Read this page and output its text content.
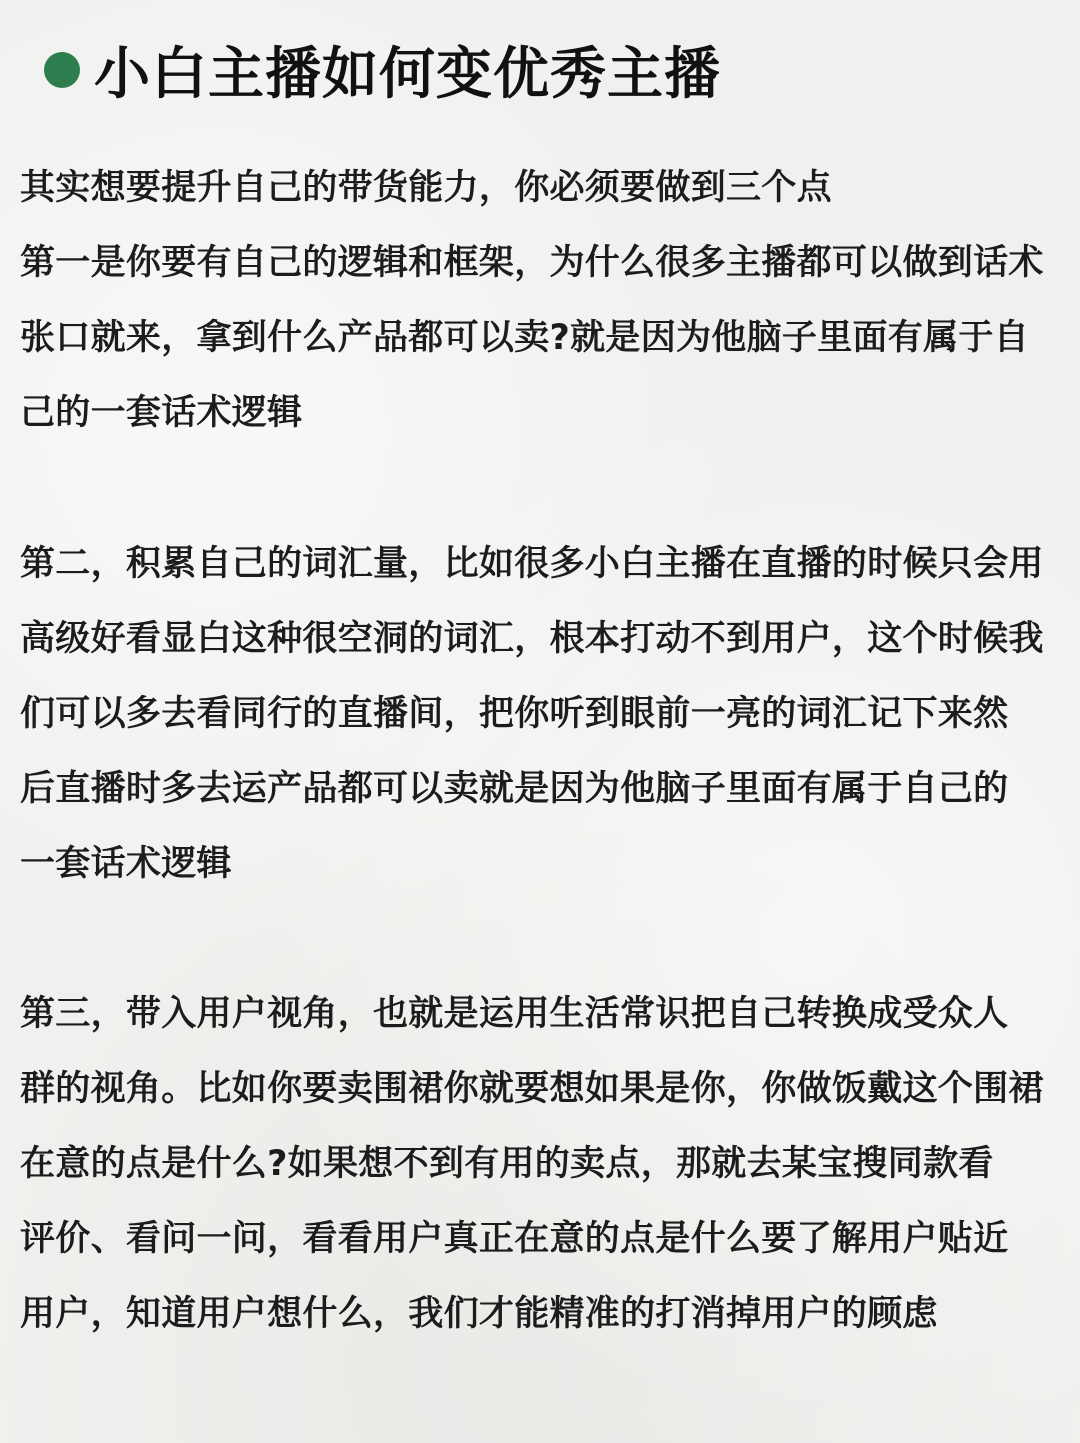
小白主播如何变优秀主播

其实想要提升自己的带货能力，你必须要做到三个点
第一是你要有自己的逻辑和框架，为什么很多主播都可以做到话术
张口就来，拿到什么产品都可以卖?就是因为他脑子里面有属于自
己的一套话术逻辑

第二，积累自己的词汇量，比如很多小白主播在直播的时候只会用
高级好看显白这种很空洞的词汇，根本打动不到用户，这个时候我
们可以多去看同行的直播间，把你听到眼前一亮的词汇记下来然
后直播时多去运产品都可以卖就是因为他脑子里面有属于自己的
一套话术逻辑

第三，带入用户视角，也就是运用生活常识把自己转换成受众人
群的视角。比如你要卖围裙你就要想如果是你，你做饭戴这个围裙
在意的点是什么?如果想不到有用的卖点，那就去某宝搜同款看
评价、看问一问，看看用户真正在意的点是什么要了解用户贴近
用户，知道用户想什么，我们才能精准的打消掉用户的顾虑
